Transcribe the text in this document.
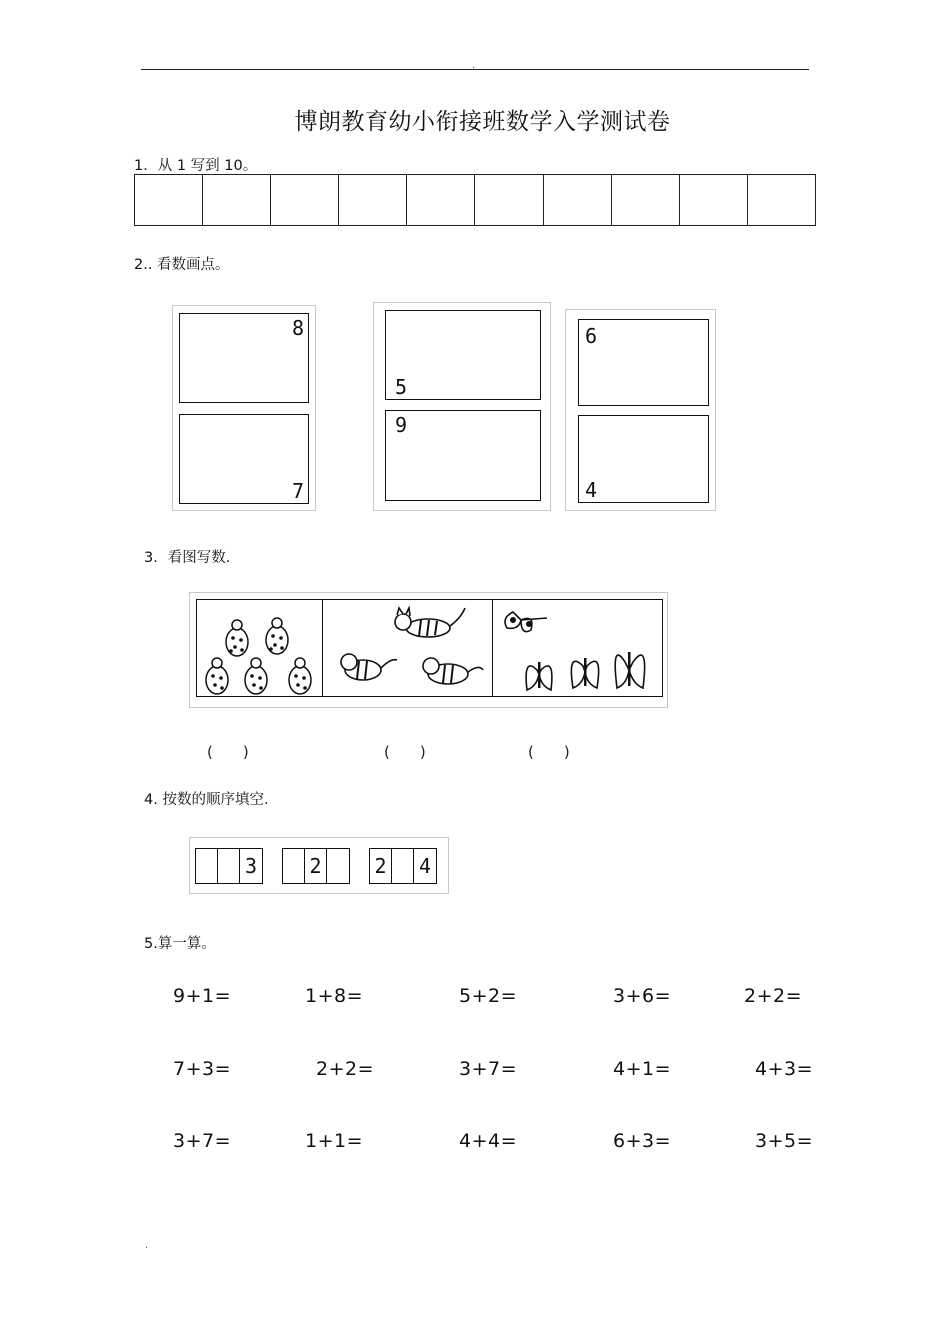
.
博朗教育幼小衔接班数学入学测试卷
1．从 1 写到 10。
2.. 看数画点。
8
7
5
9
6
4
3．看图写数．
(　　)	(　　)	(　　)
4. 按数的顺序填空．
3	2	2 4
5.算一算。
9+1=	1+8=	5+2=	3+6=	2+2=
7+3=	2+2=	3+7=	4+1=	4+3=
3+7=	1+1=	4+4=	6+3=	3+5=
.
